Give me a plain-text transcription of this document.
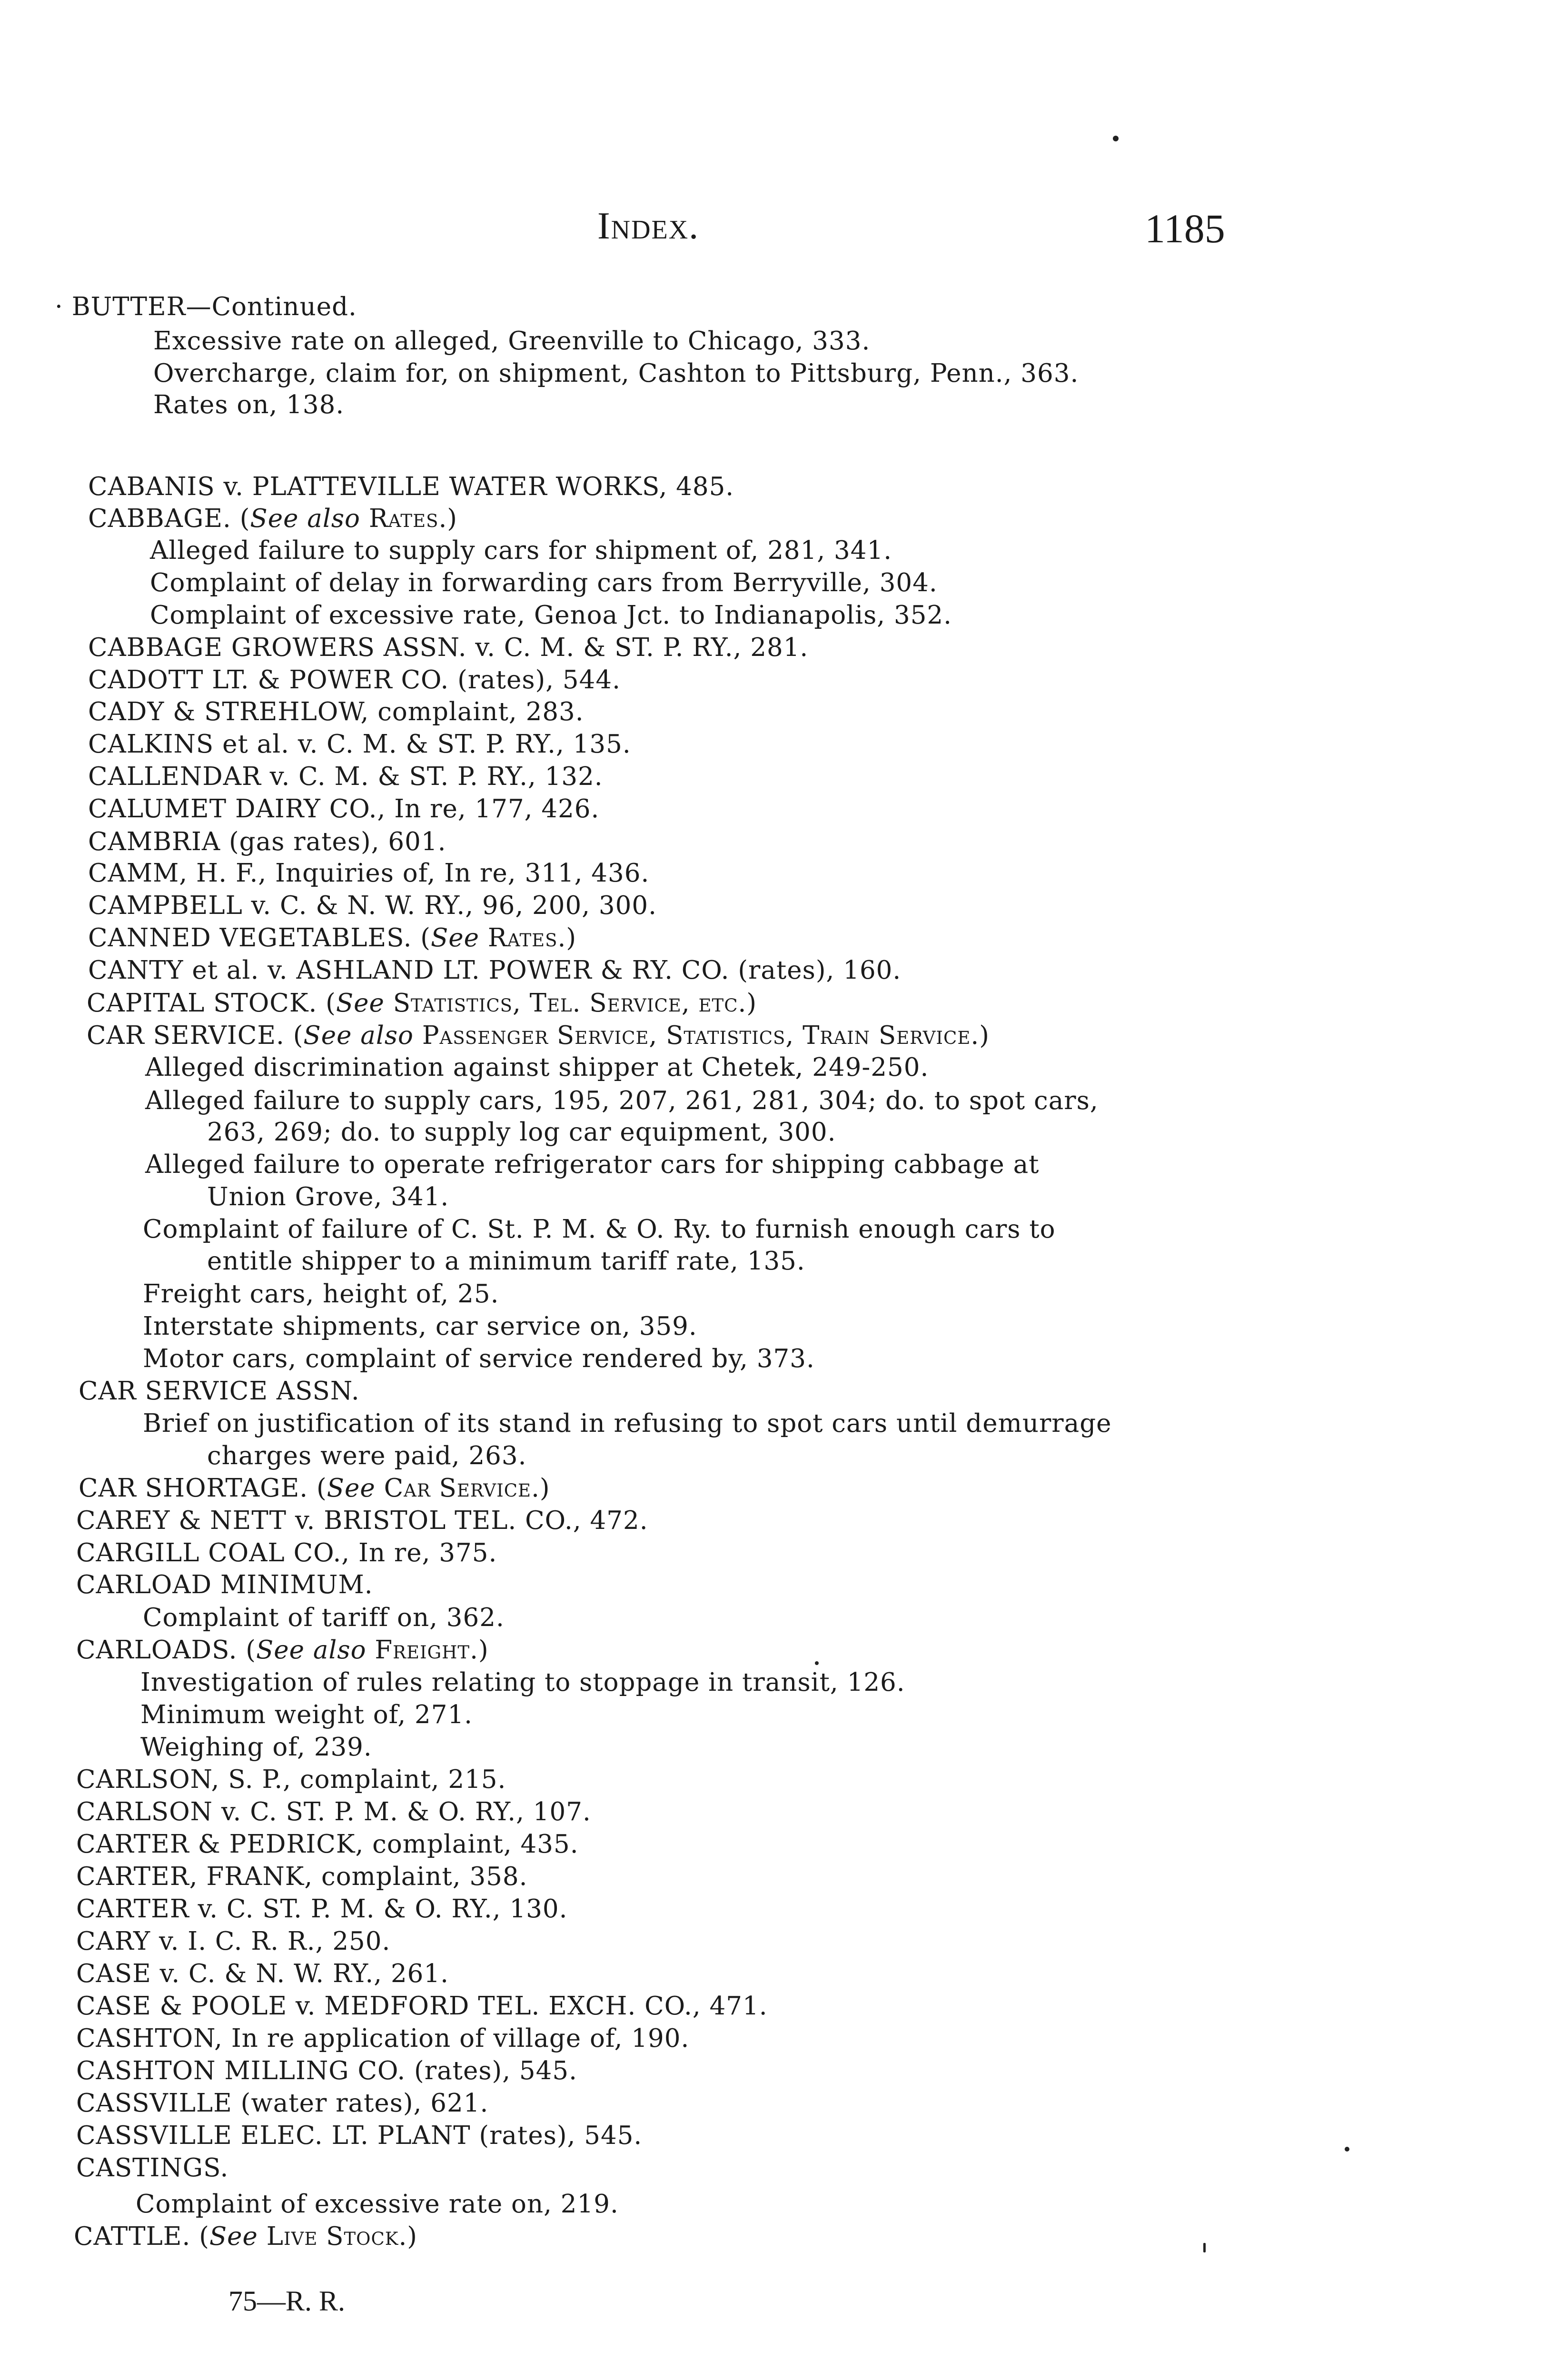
Index.	1185
· BUTTER—Continued.
Excessive rate on alleged, Greenville to Chicago, 333.
Overcharge, claim for, on shipment, Cashton to Pittsburg, Penn., 363.
Rates on, 138.
CABANIS v. PLATTEVILLE WATER WORKS, 485.
CABBAGE. (See also Rates.)
Alleged failure to supply cars for shipment of, 281, 341.
Complaint of delay in forwarding cars from Berryville, 304.
Complaint of excessive rate, Genoa Jct. to Indianapolis, 352.
CABBAGE GROWERS ASSN. v. C. M. & ST. P. RY., 281.
CADOTT LT. & POWER CO. (rates), 544.
CADY & STREHLOW, complaint, 283.
CALKINS et al. v. C. M. & ST. P. RY., 135.
CALLENDAR v. C. M. & ST. P. RY., 132.
CALUMET DAIRY CO., In re, 177, 426.
CAMBRIA (gas rates), 601.
CAMM, H. F., Inquiries of, In re, 311, 436.
CAMPBELL v. C. & N. W. RY., 96, 200, 300.
CANNED VEGETABLES. (See Rates.)
CANTY et al. v. ASHLAND LT. POWER & RY. CO. (rates), 160.
CAPITAL STOCK. (See Statistics, Tel. Service, etc.)
CAR SERVICE. (See also Passenger Service, Statistics, Train Service.)
Alleged discrimination against shipper at Chetek, 249-250.
Alleged failure to supply cars, 195, 207, 261, 281, 304; do. to spot cars,
263, 269; do. to supply log car equipment, 300.
Alleged failure to operate refrigerator cars for shipping cabbage at
Union Grove, 341.
Complaint of failure of C. St. P. M. & O. Ry. to furnish enough cars to
entitle shipper to a minimum tariff rate, 135.
Freight cars, height of, 25.
Interstate shipments, car service on, 359.
Motor cars, complaint of service rendered by, 373.
CAR SERVICE ASSN.
Brief on justification of its stand in refusing to spot cars until demurrage
charges were paid, 263.
CAR SHORTAGE. (See Car Service.)
CAREY & NETT v. BRISTOL TEL. CO., 472.
CARGILL COAL CO., In re, 375.
CARLOAD MINIMUM.
Complaint of tariff on, 362.
CARLOADS. (See also Freight.)
Investigation of rules relating to stoppage in transit, 126.
Minimum weight of, 271.
Weighing of, 239.
CARLSON, S. P., complaint, 215.
CARLSON v. C. ST. P. M. & O. RY., 107.
CARTER & PEDRICK, complaint, 435.
CARTER, FRANK, complaint, 358.
CARTER v. C. ST. P. M. & O. RY., 130.
CARY v. I. C. R. R., 250.
CASE v. C. & N. W. RY., 261.
CASE & POOLE v. MEDFORD TEL. EXCH. CO., 471.
CASHTON, In re application of village of, 190.
CASHTON MILLING CO. (rates), 545.
CASSVILLE (water rates), 621.
CASSVILLE ELEC. LT. PLANT (rates), 545.
CASTINGS.
Complaint of excessive rate on, 219.
CATTLE. (See Live Stock.)
75—R. R.
